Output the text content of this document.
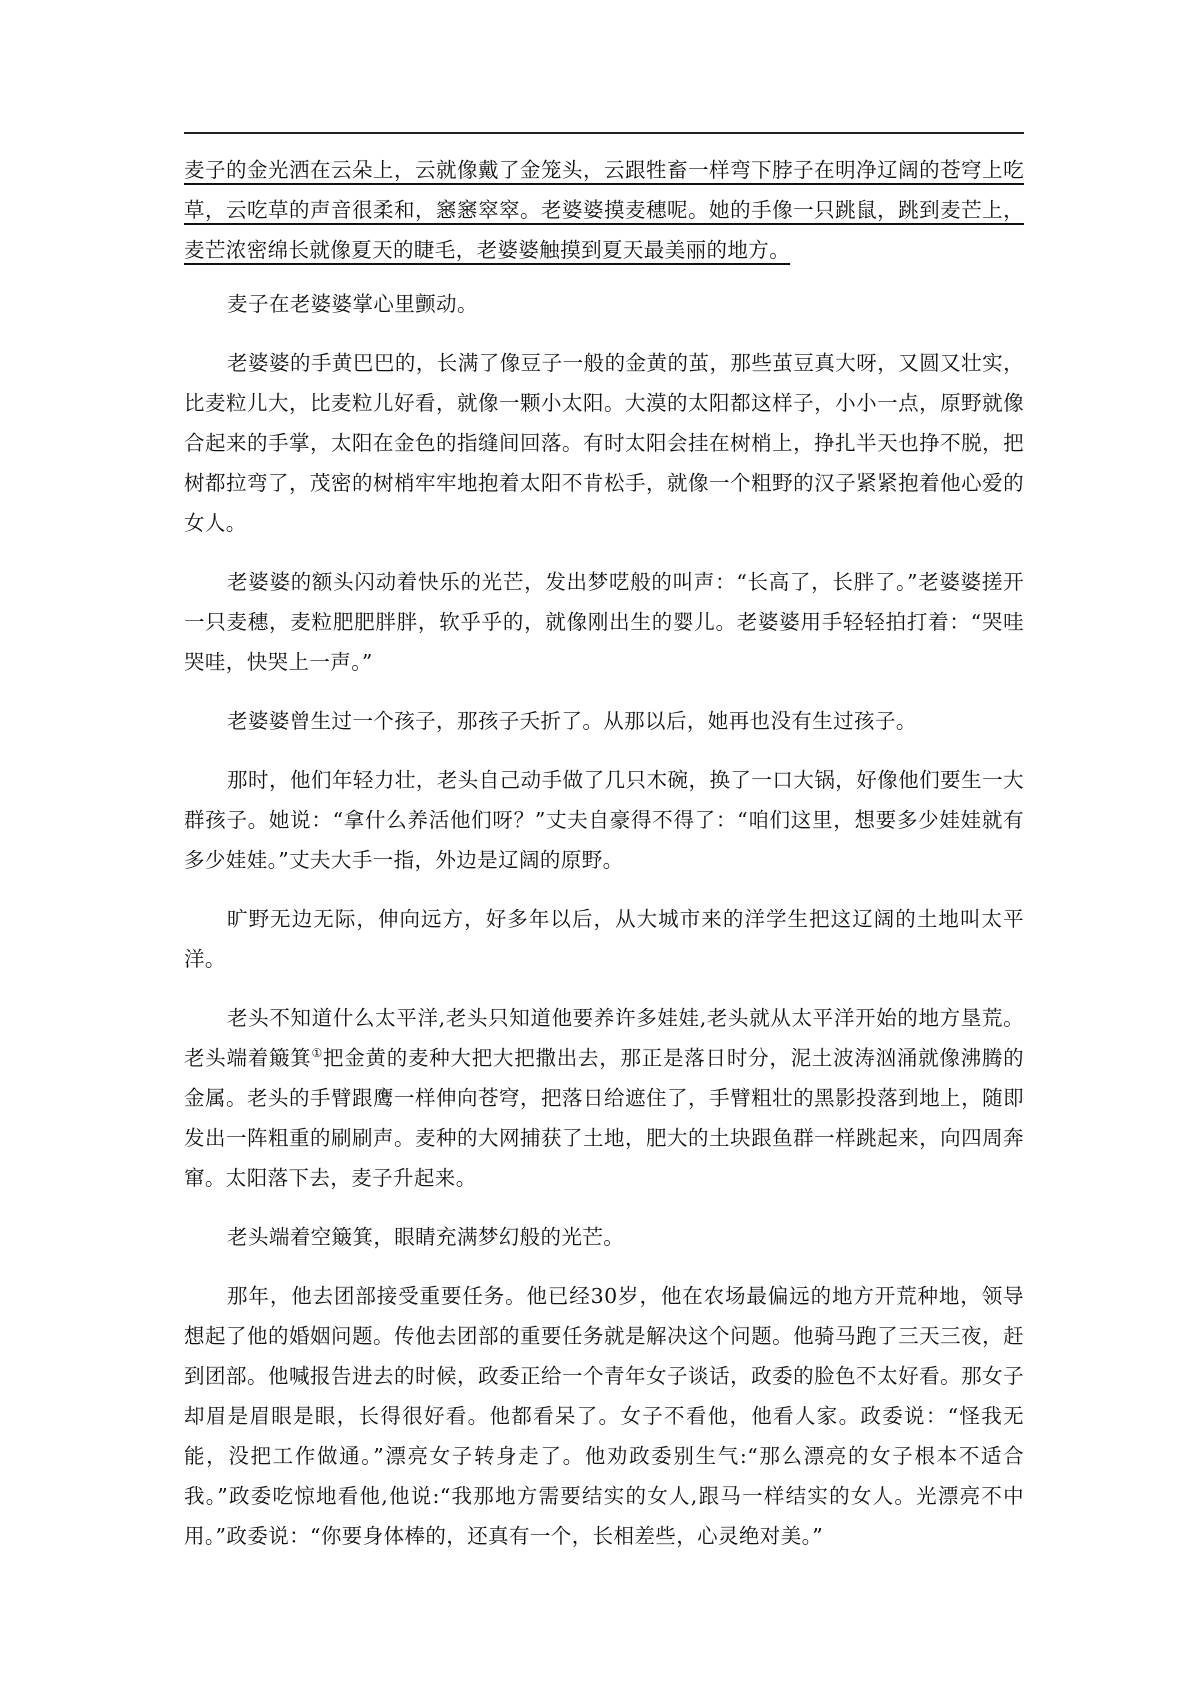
麦子的金光洒在云朵上，云就像戴了金笼头，云跟牲畜一样弯下脖子在明净辽阔的苍穹上吃草，云吃草的声音很柔和，窸窸窣窣。老婆婆摸麦穗呢。她的手像一只跳鼠，跳到麦芒上，麦芒浓密绵长就像夏天的睫毛，老婆婆触摸到夏天最美丽的地方。

麦子在老婆婆掌心里颤动。

老婆婆的手黄巴巴的，长满了像豆子一般的金黄的茧，那些茧豆真大呀，又圆又壮实，比麦粒儿大，比麦粒儿好看，就像一颗小太阳。大漠的太阳都这样子，小小一点，原野就像合起来的手掌，太阳在金色的指缝间回落。有时太阳会挂在树梢上，挣扎半天也挣不脱，把树都拉弯了，茂密的树梢牢牢地抱着太阳不肯松手，就像一个粗野的汉子紧紧抱着他心爱的女人。

老婆婆的额头闪动着快乐的光芒，发出梦呓般的叫声：“长高了，长胖了。”老婆婆搓开一只麦穗，麦粒肥肥胖胖，软乎乎的，就像刚出生的婴儿。老婆婆用手轻轻拍打着：“哭哇哭哇，快哭上一声。”

老婆婆曾生过一个孩子，那孩子夭折了。从那以后，她再也没有生过孩子。

那时，他们年轻力壮，老头自己动手做了几只木碗，换了一口大锅，好像他们要生一大群孩子。她说：“拿什么养活他们呀？”丈夫自豪得不得了：“咱们这里，想要多少娃娃就有多少娃娃。”丈夫大手一指，外边是辽阔的原野。

旷野无边无际，伸向远方，好多年以后，从大城市来的洋学生把这辽阔的土地叫太平洋。

老头不知道什么太平洋,老头只知道他要养许多娃娃,老头就从太平洋开始的地方垦荒。老头端着簸箕①把金黄的麦种大把大把撒出去，那正是落日时分，泥土波涛汹涌就像沸腾的金属。老头的手臂跟鹰一样伸向苍穹，把落日给遮住了，手臂粗壮的黑影投落到地上，随即发出一阵粗重的刷刷声。麦种的大网捕获了土地，肥大的土块跟鱼群一样跳起来，向四周奔窜。太阳落下去，麦子升起来。

老头端着空簸箕，眼睛充满梦幻般的光芒。

那年，他去团部接受重要任务。他已经30岁，他在农场最偏远的地方开荒种地，领导想起了他的婚姻问题。传他去团部的重要任务就是解决这个问题。他骑马跑了三天三夜，赶到团部。他喊报告进去的时候，政委正给一个青年女子谈话，政委的脸色不太好看。那女子却眉是眉眼是眼，长得很好看。他都看呆了。女子不看他，他看人家。政委说：“怪我无能，没把工作做通。”漂亮女子转身走了。他劝政委别生气:“那么漂亮的女子根本不适合我。”政委吃惊地看他,他说:“我那地方需要结实的女人,跟马一样结实的女人。光漂亮不中用。”政委说：“你要身体棒的，还真有一个，长相差些，心灵绝对美。”
